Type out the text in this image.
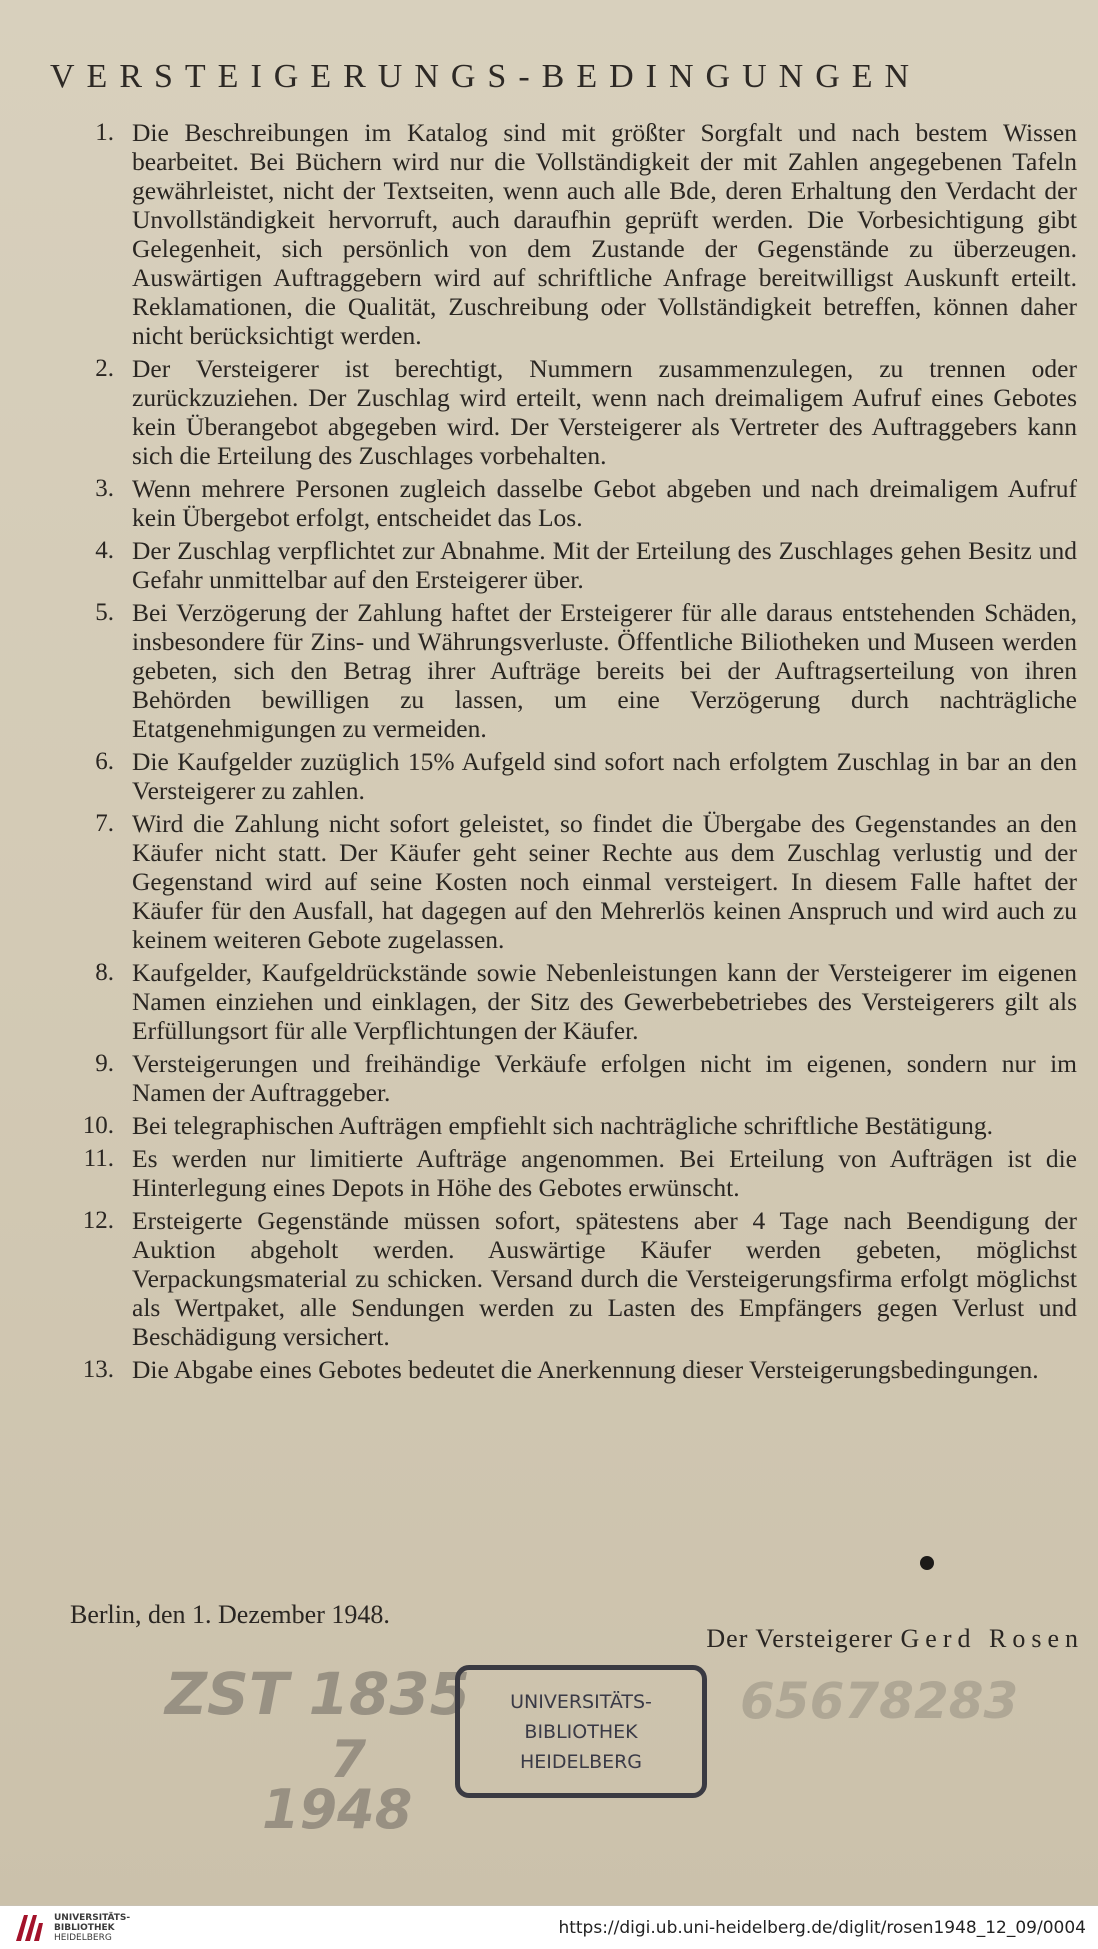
VERSTEIGERUNGS-BEDINGUNGEN
1. Die Beschreibungen im Katalog sind mit größter Sorgfalt und nach bestem Wissen bearbeitet. Bei Büchern wird nur die Vollständigkeit der mit Zahlen angegebenen Tafeln gewährleistet, nicht der Textseiten, wenn auch alle Bde, deren Erhaltung den Verdacht der Unvollständigkeit hervorruft, auch daraufhin geprüft werden. Die Vorbesichtigung gibt Gelegenheit, sich persönlich von dem Zustande der Gegenstände zu überzeugen. Auswärtigen Auftraggebern wird auf schriftliche Anfrage bereitwilligst Auskunft erteilt. Reklamationen, die Qualität, Zuschreibung oder Vollständigkeit betreffen, können daher nicht berücksichtigt werden.
2. Der Versteigerer ist berechtigt, Nummern zusammenzulegen, zu trennen oder zurückzuziehen. Der Zuschlag wird erteilt, wenn nach dreimaligem Aufruf eines Gebotes kein Überangebot abgegeben wird. Der Versteigerer als Vertreter des Auftraggebers kann sich die Erteilung des Zuschlages vorbehalten.
3. Wenn mehrere Personen zugleich dasselbe Gebot abgeben und nach dreimaligem Aufruf kein Übergebot erfolgt, entscheidet das Los.
4. Der Zuschlag verpflichtet zur Abnahme. Mit der Erteilung des Zuschlages gehen Besitz und Gefahr unmittelbar auf den Ersteigerer über.
5. Bei Verzögerung der Zahlung haftet der Ersteigerer für alle daraus entstehenden Schäden, insbesondere für Zins- und Währungsverluste. Öffentliche Biliotheken und Museen werden gebeten, sich den Betrag ihrer Aufträge bereits bei der Auftragserteilung von ihren Behörden bewilligen zu lassen, um eine Verzögerung durch nachträgliche Etatgenehmigungen zu vermeiden.
6. Die Kaufgelder zuzüglich 15% Aufgeld sind sofort nach erfolgtem Zuschlag in bar an den Versteigerer zu zahlen.
7. Wird die Zahlung nicht sofort geleistet, so findet die Übergabe des Gegenstandes an den Käufer nicht statt. Der Käufer geht seiner Rechte aus dem Zuschlag verlustig und der Gegenstand wird auf seine Kosten noch einmal versteigert. In diesem Falle haftet der Käufer für den Ausfall, hat dagegen auf den Mehrerlös keinen Anspruch und wird auch zu keinem weiteren Gebote zugelassen.
8. Kaufgelder, Kaufgeldrückstände sowie Nebenleistungen kann der Versteigerer im eigenen Namen einziehen und einklagen, der Sitz des Gewerbebetriebes des Versteigerers gilt als Erfüllungsort für alle Verpflichtungen der Käufer.
9. Versteigerungen und freihändige Verkäufe erfolgen nicht im eigenen, sondern nur im Namen der Auftraggeber.
10. Bei telegraphischen Aufträgen empfiehlt sich nachträgliche schriftliche Bestätigung.
11. Es werden nur limitierte Aufträge angenommen. Bei Erteilung von Aufträgen ist die Hinterlegung eines Depots in Höhe des Gebotes erwünscht.
12. Ersteigerte Gegenstände müssen sofort, spätestens aber 4 Tage nach Beendigung der Auktion abgeholt werden. Auswärtige Käufer werden gebeten, möglichst Verpackungsmaterial zu schicken. Versand durch die Versteigerungsfirma erfolgt möglichst als Wertpaket, alle Sendungen werden zu Lasten des Empfängers gegen Verlust und Beschädigung versichert.
13. Die Abgabe eines Gebotes bedeutet die Anerkennung dieser Versteigerungsbedingungen.
Berlin, den 1. Dezember 1948.
Der Versteigerer Gerd Rosen
ZST 1835
7
1948
65678283
UNIVERSITÄTS-
BIBLIOTHEK
HEIDELBERG
UNIVERSITÄTS-
BIBLIOTHEK
HEIDELBERG	https://digi.ub.uni-heidelberg.de/diglit/rosen1948_12_09/0004
